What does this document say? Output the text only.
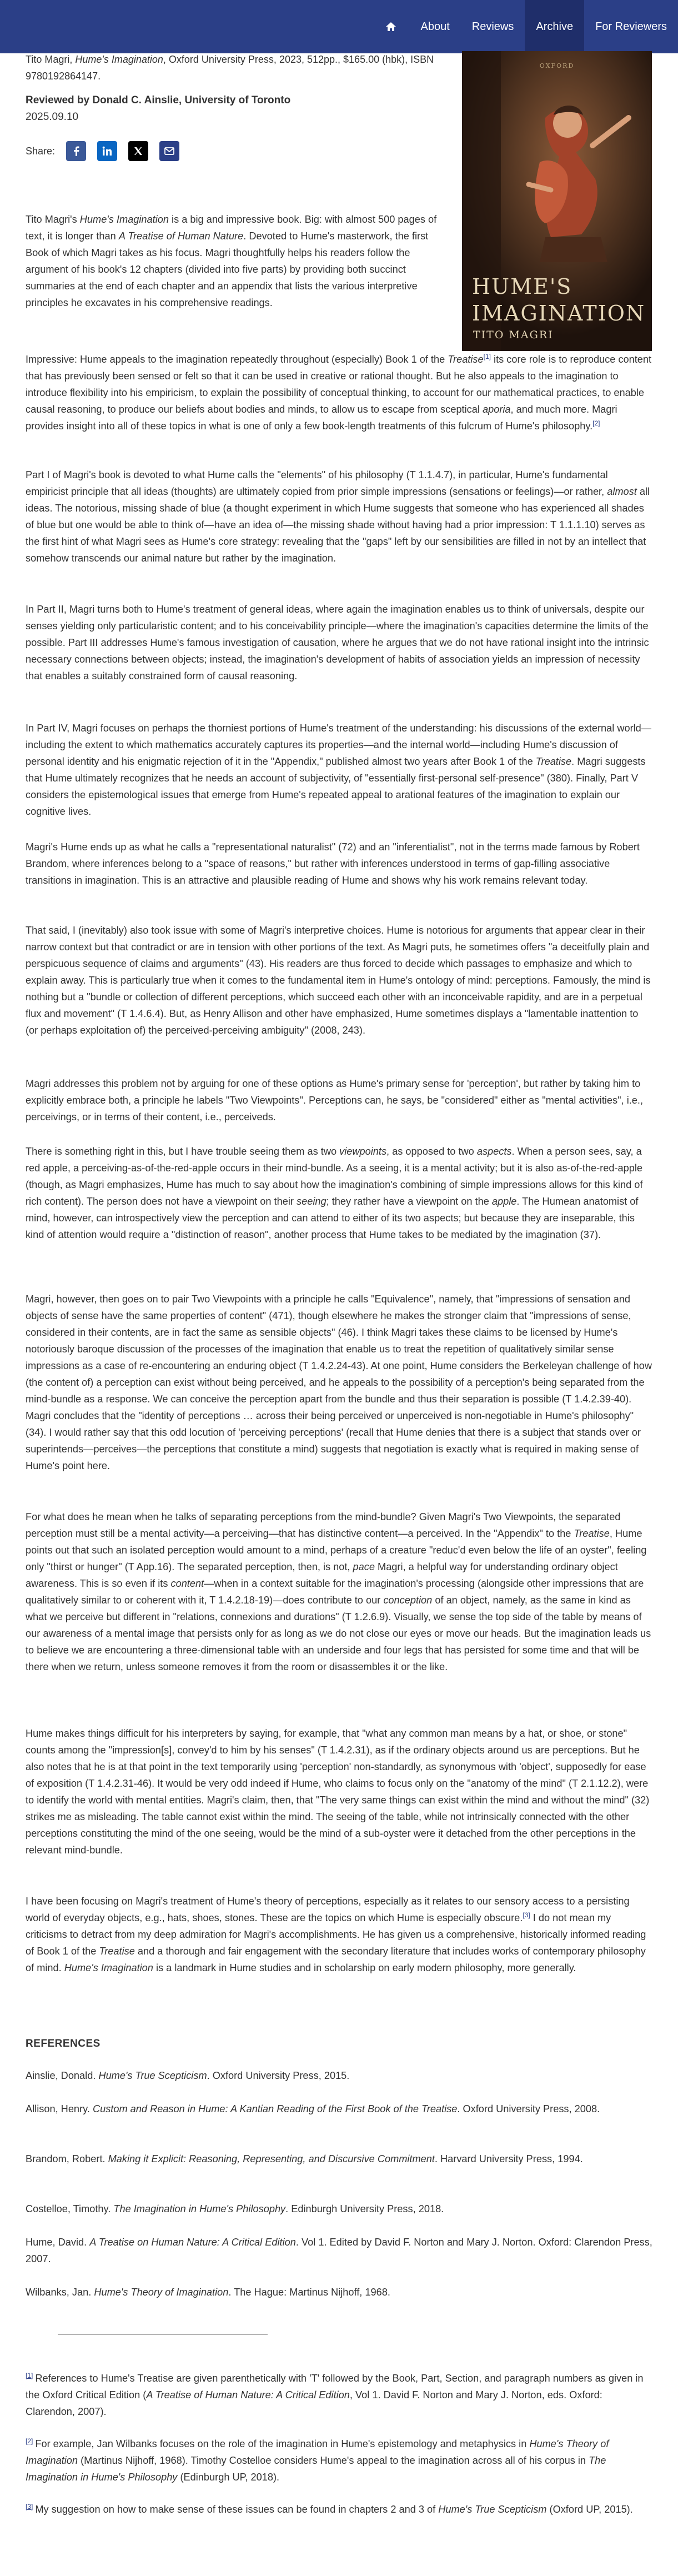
About	Reviews	Archive	For Reviewers
Tito Magri, Hume's Imagination, Oxford University Press, 2023, 512pp., $165.00 (hbk), ISBN 9780192864147.
Reviewed by Donald C. Ainslie, University of Toronto
2025.09.10
Share:
OXFORD
HUME'S
IMAGINATION
TITO MAGRI

Tito Magri's Hume's Imagination is a big and impressive book. Big: with almost 500 pages of text, it is longer than A Treatise of Human Nature. Devoted to Hume's masterwork, the first Book of which Magri takes as his focus. Magri thoughtfully helps his readers follow the argument of his book's 12 chapters (divided into five parts) by providing both succinct summaries at the end of each chapter and an appendix that lists the various interpretive principles he excavates in his comprehensive readings.

Impressive: Hume appeals to the imagination repeatedly throughout (especially) Book 1 of the Treatise[1] its core role is to reproduce content that has previously been sensed or felt so that it can be used in creative or rational thought. But he also appeals to the imagination to introduce flexibility into his empiricism, to explain the possibility of conceptual thinking, to account for our mathematical practices, to enable causal reasoning, to produce our beliefs about bodies and minds, to allow us to escape from sceptical aporia, and much more. Magri provides insight into all of these topics in what is one of only a few book-length treatments of this fulcrum of Hume's philosophy.[2]

Part I of Magri's book is devoted to what Hume calls the "elements" of his philosophy (T 1.1.4.7), in particular, Hume's fundamental empiricist principle that all ideas (thoughts) are ultimately copied from prior simple impressions (sensations or feelings)—or rather, almost all ideas. The notorious, missing shade of blue (a thought experiment in which Hume suggests that someone who has experienced all shades of blue but one would be able to think of—have an idea of—the missing shade without having had a prior impression: T 1.1.1.10) serves as the first hint of what Magri sees as Hume's core strategy: revealing that the "gaps" left by our sensibilities are filled in not by an intellect that somehow transcends our animal nature but rather by the imagination.

In Part II, Magri turns both to Hume's treatment of general ideas, where again the imagination enables us to think of universals, despite our senses yielding only particularistic content; and to his conceivability principle—where the imagination's capacities determine the limits of the possible. Part III addresses Hume's famous investigation of causation, where he argues that we do not have rational insight into the intrinsic necessary connections between objects; instead, the imagination's development of habits of association yields an impression of necessity that enables a suitably constrained form of causal reasoning.

In Part IV, Magri focuses on perhaps the thorniest portions of Hume's treatment of the understanding: his discussions of the external world—including the extent to which mathematics accurately captures its properties—and the internal world—including Hume's discussion of personal identity and his enigmatic rejection of it in the "Appendix," published almost two years after Book 1 of the Treatise. Magri suggests that Hume ultimately recognizes that he needs an account of subjectivity, of "essentially first-personal self-presence" (380). Finally, Part V considers the epistemological issues that emerge from Hume's repeated appeal to arational features of the imagination to explain our cognitive lives.

Magri's Hume ends up as what he calls a "representational naturalist" (72) and an "inferentialist", not in the terms made famous by Robert Brandom, where inferences belong to a "space of reasons," but rather with inferences understood in terms of gap-filling associative transitions in imagination. This is an attractive and plausible reading of Hume and shows why his work remains relevant today.

That said, I (inevitably) also took issue with some of Magri's interpretive choices. Hume is notorious for arguments that appear clear in their narrow context but that contradict or are in tension with other portions of the text. As Magri puts, he sometimes offers "a deceitfully plain and perspicuous sequence of claims and arguments" (43). His readers are thus forced to decide which passages to emphasize and which to explain away. This is particularly true when it comes to the fundamental item in Hume's ontology of mind: perceptions. Famously, the mind is nothing but a "bundle or collection of different perceptions, which succeed each other with an inconceivable rapidity, and are in a perpetual flux and movement" (T 1.4.6.4). But, as Henry Allison and other have emphasized, Hume sometimes displays a "lamentable inattention to (or perhaps exploitation of) the perceived-perceiving ambiguity" (2008, 243).

Magri addresses this problem not by arguing for one of these options as Hume's primary sense for 'perception', but rather by taking him to explicitly embrace both, a principle he labels "Two Viewpoints". Perceptions can, he says, be "considered" either as "mental activities", i.e., perceivings, or in terms of their content, i.e., perceiveds.

There is something right in this, but I have trouble seeing them as two viewpoints, as opposed to two aspects. When a person sees, say, a red apple, a perceiving-as-of-the-red-apple occurs in their mind-bundle. As a seeing, it is a mental activity; but it is also as-of-the-red-apple (though, as Magri emphasizes, Hume has much to say about how the imagination's combining of simple impressions allows for this kind of rich content). The person does not have a viewpoint on their seeing; they rather have a viewpoint on the apple. The Humean anatomist of mind, however, can introspectively view the perception and can attend to either of its two aspects; but because they are inseparable, this kind of attention would require a "distinction of reason", another process that Hume takes to be mediated by the imagination (37).

Magri, however, then goes on to pair Two Viewpoints with a principle he calls "Equivalence", namely, that "impressions of sensation and objects of sense have the same properties of content" (471), though elsewhere he makes the stronger claim that "impressions of sense, considered in their contents, are in fact the same as sensible objects" (46). I think Magri takes these claims to be licensed by Hume's notoriously baroque discussion of the processes of the imagination that enable us to treat the repetition of qualitatively similar sense impressions as a case of re-encountering an enduring object (T 1.4.2.24-43). At one point, Hume considers the Berkeleyan challenge of how (the content of) a perception can exist without being perceived, and he appeals to the possibility of a perception's being separated from the mind-bundle as a response. We can conceive the perception apart from the bundle and thus their separation is possible (T 1.4.2.39-40). Magri concludes that the "identity of perceptions … across their being perceived or unperceived is non-negotiable in Hume's philosophy" (34). I would rather say that this odd locution of 'perceiving perceptions' (recall that Hume denies that there is a subject that stands over or superintends—perceives—the perceptions that constitute a mind) suggests that negotiation is exactly what is required in making sense of Hume's point here.

For what does he mean when he talks of separating perceptions from the mind-bundle? Given Magri's Two Viewpoints, the separated perception must still be a mental activity—a perceiving—that has distinctive content—a perceived. In the "Appendix" to the Treatise, Hume points out that such an isolated perception would amount to a mind, perhaps of a creature "reduc'd even below the life of an oyster", feeling only "thirst or hunger" (T App.16). The separated perception, then, is not, pace Magri, a helpful way for understanding ordinary object awareness. This is so even if its content—when in a context suitable for the imagination's processing (alongside other impressions that are qualitatively similar to or coherent with it, T 1.4.2.18-19)—does contribute to our conception of an object, namely, as the same in kind as what we perceive but different in "relations, connexions and durations" (T 1.2.6.9). Visually, we sense the top side of the table by means of our awareness of a mental image that persists only for as long as we do not close our eyes or move our heads. But the imagination leads us to believe we are encountering a three-dimensional table with an underside and four legs that has persisted for some time and that will be there when we return, unless someone removes it from the room or disassembles it or the like.

Hume makes things difficult for his interpreters by saying, for example, that "what any common man means by a hat, or shoe, or stone" counts among the "impression[s], convey'd to him by his senses" (T 1.4.2.31), as if the ordinary objects around us are perceptions. But he also notes that he is at that point in the text temporarily using 'perception' non-standardly, as synonymous with 'object', supposedly for ease of exposition (T 1.4.2.31-46). It would be very odd indeed if Hume, who claims to focus only on the "anatomy of the mind" (T 2.1.12.2), were to identify the world with mental entities. Magri's claim, then, that "The very same things can exist within the mind and without the mind" (32) strikes me as misleading. The table cannot exist within the mind. The seeing of the table, while not intrinsically connected with the other perceptions constituting the mind of the one seeing, would be the mind of a sub-oyster were it detached from the other perceptions in the relevant mind-bundle.

I have been focusing on Magri's treatment of Hume's theory of perceptions, especially as it relates to our sensory access to a persisting world of everyday objects, e.g., hats, shoes, stones. These are the topics on which Hume is especially obscure.[3] I do not mean my criticisms to detract from my deep admiration for Magri's accomplishments. He has given us a comprehensive, historically informed reading of Book 1 of the Treatise and a thorough and fair engagement with the secondary literature that includes works of contemporary philosophy of mind. Hume's Imagination is a landmark in Hume studies and in scholarship on early modern philosophy, more generally.

REFERENCES

Ainslie, Donald. Hume's True Scepticism. Oxford University Press, 2015.

Allison, Henry. Custom and Reason in Hume: A Kantian Reading of the First Book of the Treatise. Oxford University Press, 2008.

Brandom, Robert. Making it Explicit: Reasoning, Representing, and Discursive Commitment. Harvard University Press, 1994.

Costelloe, Timothy. The Imagination in Hume's Philosophy. Edinburgh University Press, 2018.

Hume, David. A Treatise on Human Nature: A Critical Edition. Vol 1. Edited by David F. Norton and Mary J. Norton. Oxford: Clarendon Press, 2007.

Wilbanks, Jan. Hume's Theory of Imagination. The Hague: Martinus Nijhoff, 1968.

[1] References to Hume's Treatise are given parenthetically with 'T' followed by the Book, Part, Section, and paragraph numbers as given in the Oxford Critical Edition (A Treatise of Human Nature: A Critical Edition, Vol 1. David F. Norton and Mary J. Norton, eds. Oxford: Clarendon, 2007).

[2] For example, Jan Wilbanks focuses on the role of the imagination in Hume's epistemology and metaphysics in Hume's Theory of Imagination (Martinus Nijhoff, 1968). Timothy Costelloe considers Hume's appeal to the imagination across all of his corpus in The Imagination in Hume's Philosophy (Edinburgh UP, 2018).

[3] My suggestion on how to make sense of these issues can be found in chapters 2 and 3 of Hume's True Scepticism (Oxford UP, 2015).
